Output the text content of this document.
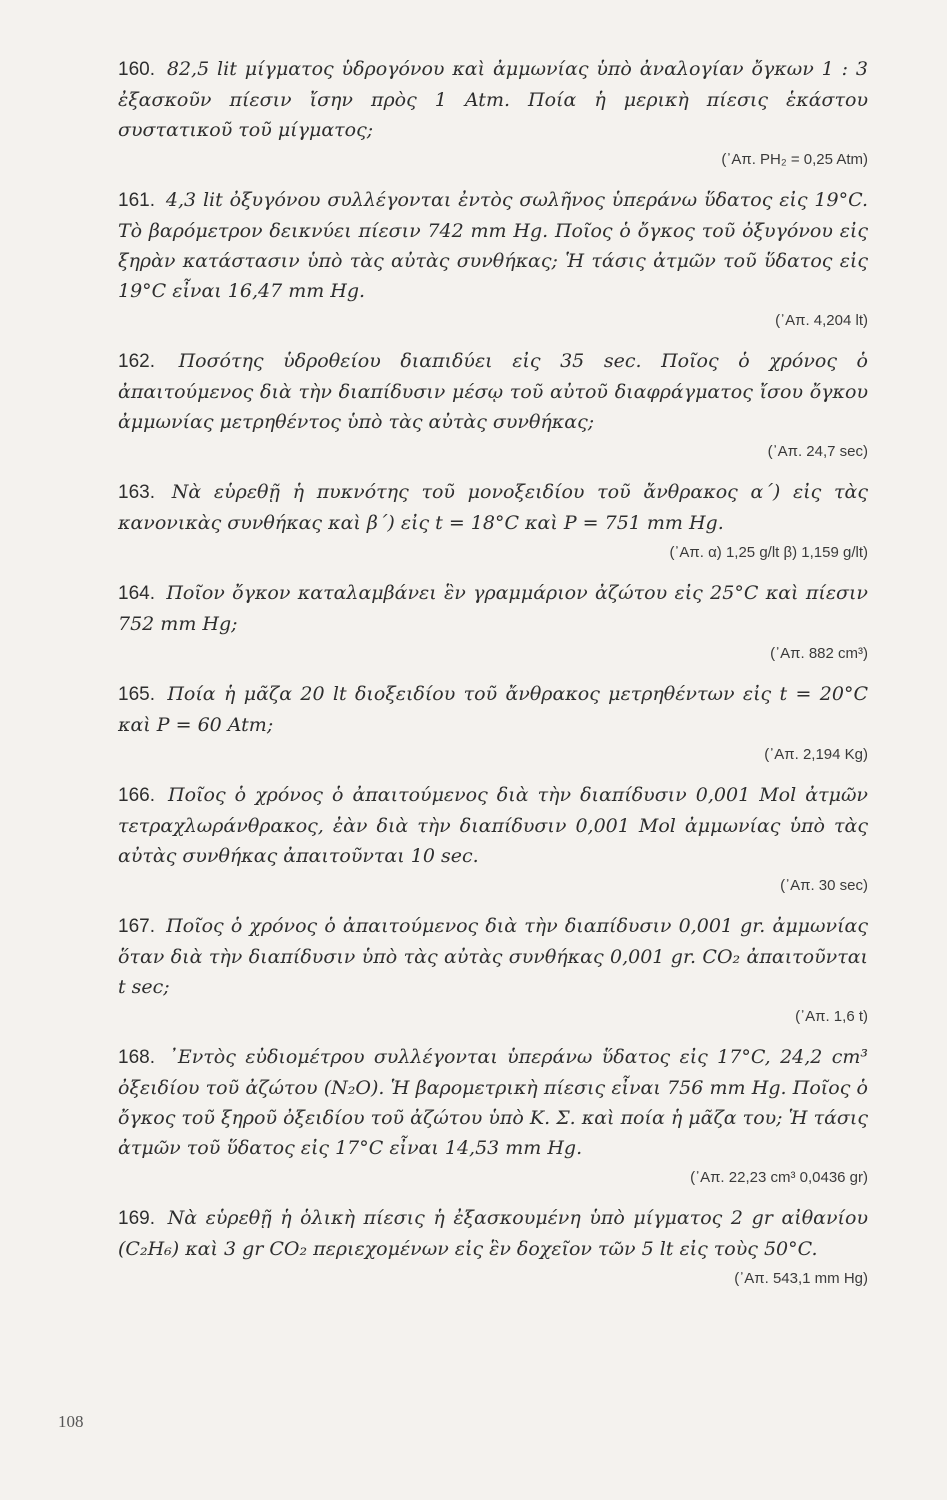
160. 82,5 lit μίγματος ὑδρογόνου καὶ ἀμμωνίας ὑπὸ ἀναλογίαν ὄγκων 1 : 3 ἐξασκοῦν πίεσιν ἴσην πρὸς 1 Atm. Ποία ἡ μερικὴ πίεσις ἑκάστου συστατικοῦ τοῦ μίγματος;

(᾽Απ. PH₂ = 0,25 Atm)

161. 4,3 lit ὀξυγόνου συλλέγονται ἐντὸς σωλῆνος ὑπεράνω ὕδατος εἰς 19°C. Τὸ βαρόμετρον δεικνύει πίεσιν 742 mm Hg. Ποῖος ὁ ὄγκος τοῦ ὀξυγόνου εἰς ξηρὰν κατάστασιν ὑπὸ τὰς αὐτὰς συνθήκας; Ἡ τάσις ἀτμῶν τοῦ ὕδατος εἰς 19°C εἶναι 16,47 mm Hg.

(᾽Απ. 4,204 lt)

162. Ποσότης ὑδροθείου διαπιδύει εἰς 35 sec. Ποῖος ὁ χρόνος ὁ ἀπαιτούμενος διὰ τὴν διαπίδυσιν μέσῳ τοῦ αὐτοῦ διαφράγματος ἴσου ὄγκου ἀμμωνίας μετρηθέντος ὑπὸ τὰς αὐτὰς συνθήκας;

(᾽Απ. 24,7 sec)

163. Νὰ εὑρεθῇ ἡ πυκνότης τοῦ μονοξειδίου τοῦ ἄνθρακος α΄) εἰς τὰς κανονικὰς συνθήκας καὶ β΄) εἰς t = 18°C καὶ P = 751 mm Hg.

(᾽Απ. α) 1,25 g/lt β) 1,159 g/lt)

164. Ποῖον ὄγκον καταλαμβάνει ἓν γραμμάριον ἀζώτου εἰς 25°C καὶ πίεσιν 752 mm Hg;

(᾽Απ. 882 cm³)

165. Ποία ἡ μᾶζα 20 lt διοξειδίου τοῦ ἄνθρακος μετρηθέντων εἰς t = 20°C καὶ P = 60 Atm;

(᾽Απ. 2,194 Kg)

166. Ποῖος ὁ χρόνος ὁ ἀπαιτούμενος διὰ τὴν διαπίδυσιν 0,001 Mol ἀτμῶν τετραχλωράνθρακος, ἐὰν διὰ τὴν διαπίδυσιν 0,001 Mol ἀμμωνίας ὑπὸ τὰς αὐτὰς συνθήκας ἀπαιτοῦνται 10 sec.

(᾽Απ. 30 sec)

167. Ποῖος ὁ χρόνος ὁ ἀπαιτούμενος διὰ τὴν διαπίδυσιν 0,001 gr. ἀμμωνίας ὅταν διὰ τὴν διαπίδυσιν ὑπὸ τὰς αὐτὰς συνθήκας 0,001 gr. CO₂ ἀπαιτοῦνται t sec;

(᾽Απ. 1,6 t)

168. ᾽Εντὸς εὐδιομέτρου συλλέγονται ὑπεράνω ὕδατος εἰς 17°C, 24,2 cm³ ὀξειδίου τοῦ ἀζώτου (N₂O). Ἡ βαρομετρικὴ πίεσις εἶναι 756 mm Hg. Ποῖος ὁ ὄγκος τοῦ ξηροῦ ὀξειδίου τοῦ ἀζώτου ὑπὸ Κ. Σ. καὶ ποία ἡ μᾶζα του; Ἡ τάσις ἀτμῶν τοῦ ὕδατος εἰς 17°C εἶναι 14,53 mm Hg.

(᾽Απ. 22,23 cm³ 0,0436 gr)

169. Νὰ εὑρεθῇ ἡ ὁλικὴ πίεσις ἡ ἐξασκουμένη ὑπὸ μίγματος 2 gr αἰθανίου (C₂H₆) καὶ 3 gr CO₂ περιεχομένων εἰς ἓν δοχεῖον τῶν 5 lt εἰς τοὺς 50°C.

(᾽Απ. 543,1 mm Hg)

108
